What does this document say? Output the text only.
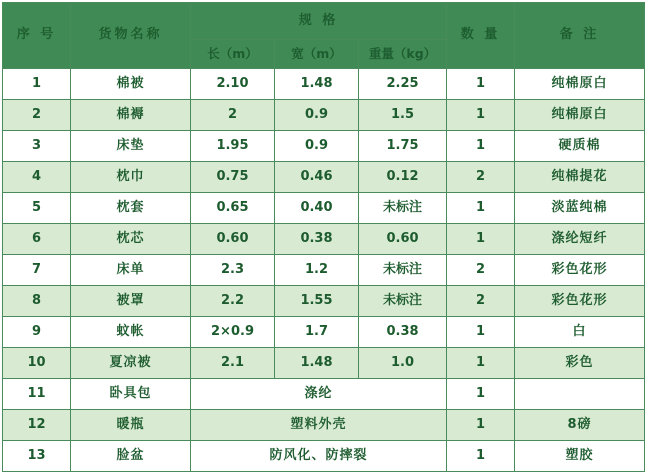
序 号	货物名称	规 格			数 量	备 注
		长（m）	宽（m）	重量（kg）		
1	棉被	2.10	1.48	2.25	1	纯棉原白
2	棉褥	2	0.9	1.5	1	纯棉原白
3	床垫	1.95	0.9	1.75	1	硬质棉
4	枕巾	0.75	0.46	0.12	2	纯棉提花
5	枕套	0.65	0.40	未标注	1	淡蓝纯棉
6	枕芯	0.60	0.38	0.60	1	涤纶短纤
7	床单	2.3	1.2	未标注	2	彩色花形
8	被罩	2.2	1.55	未标注	2	彩色花形
9	蚊帐	2×0.9	1.7	0.38	1	白
10	夏凉被	2.1	1.48	1.0	1	彩色
11	卧具包	涤纶			1	
12	暖瓶	塑料外壳			1	8磅
13	脸盆	防风化、防摔裂			1	塑胶
